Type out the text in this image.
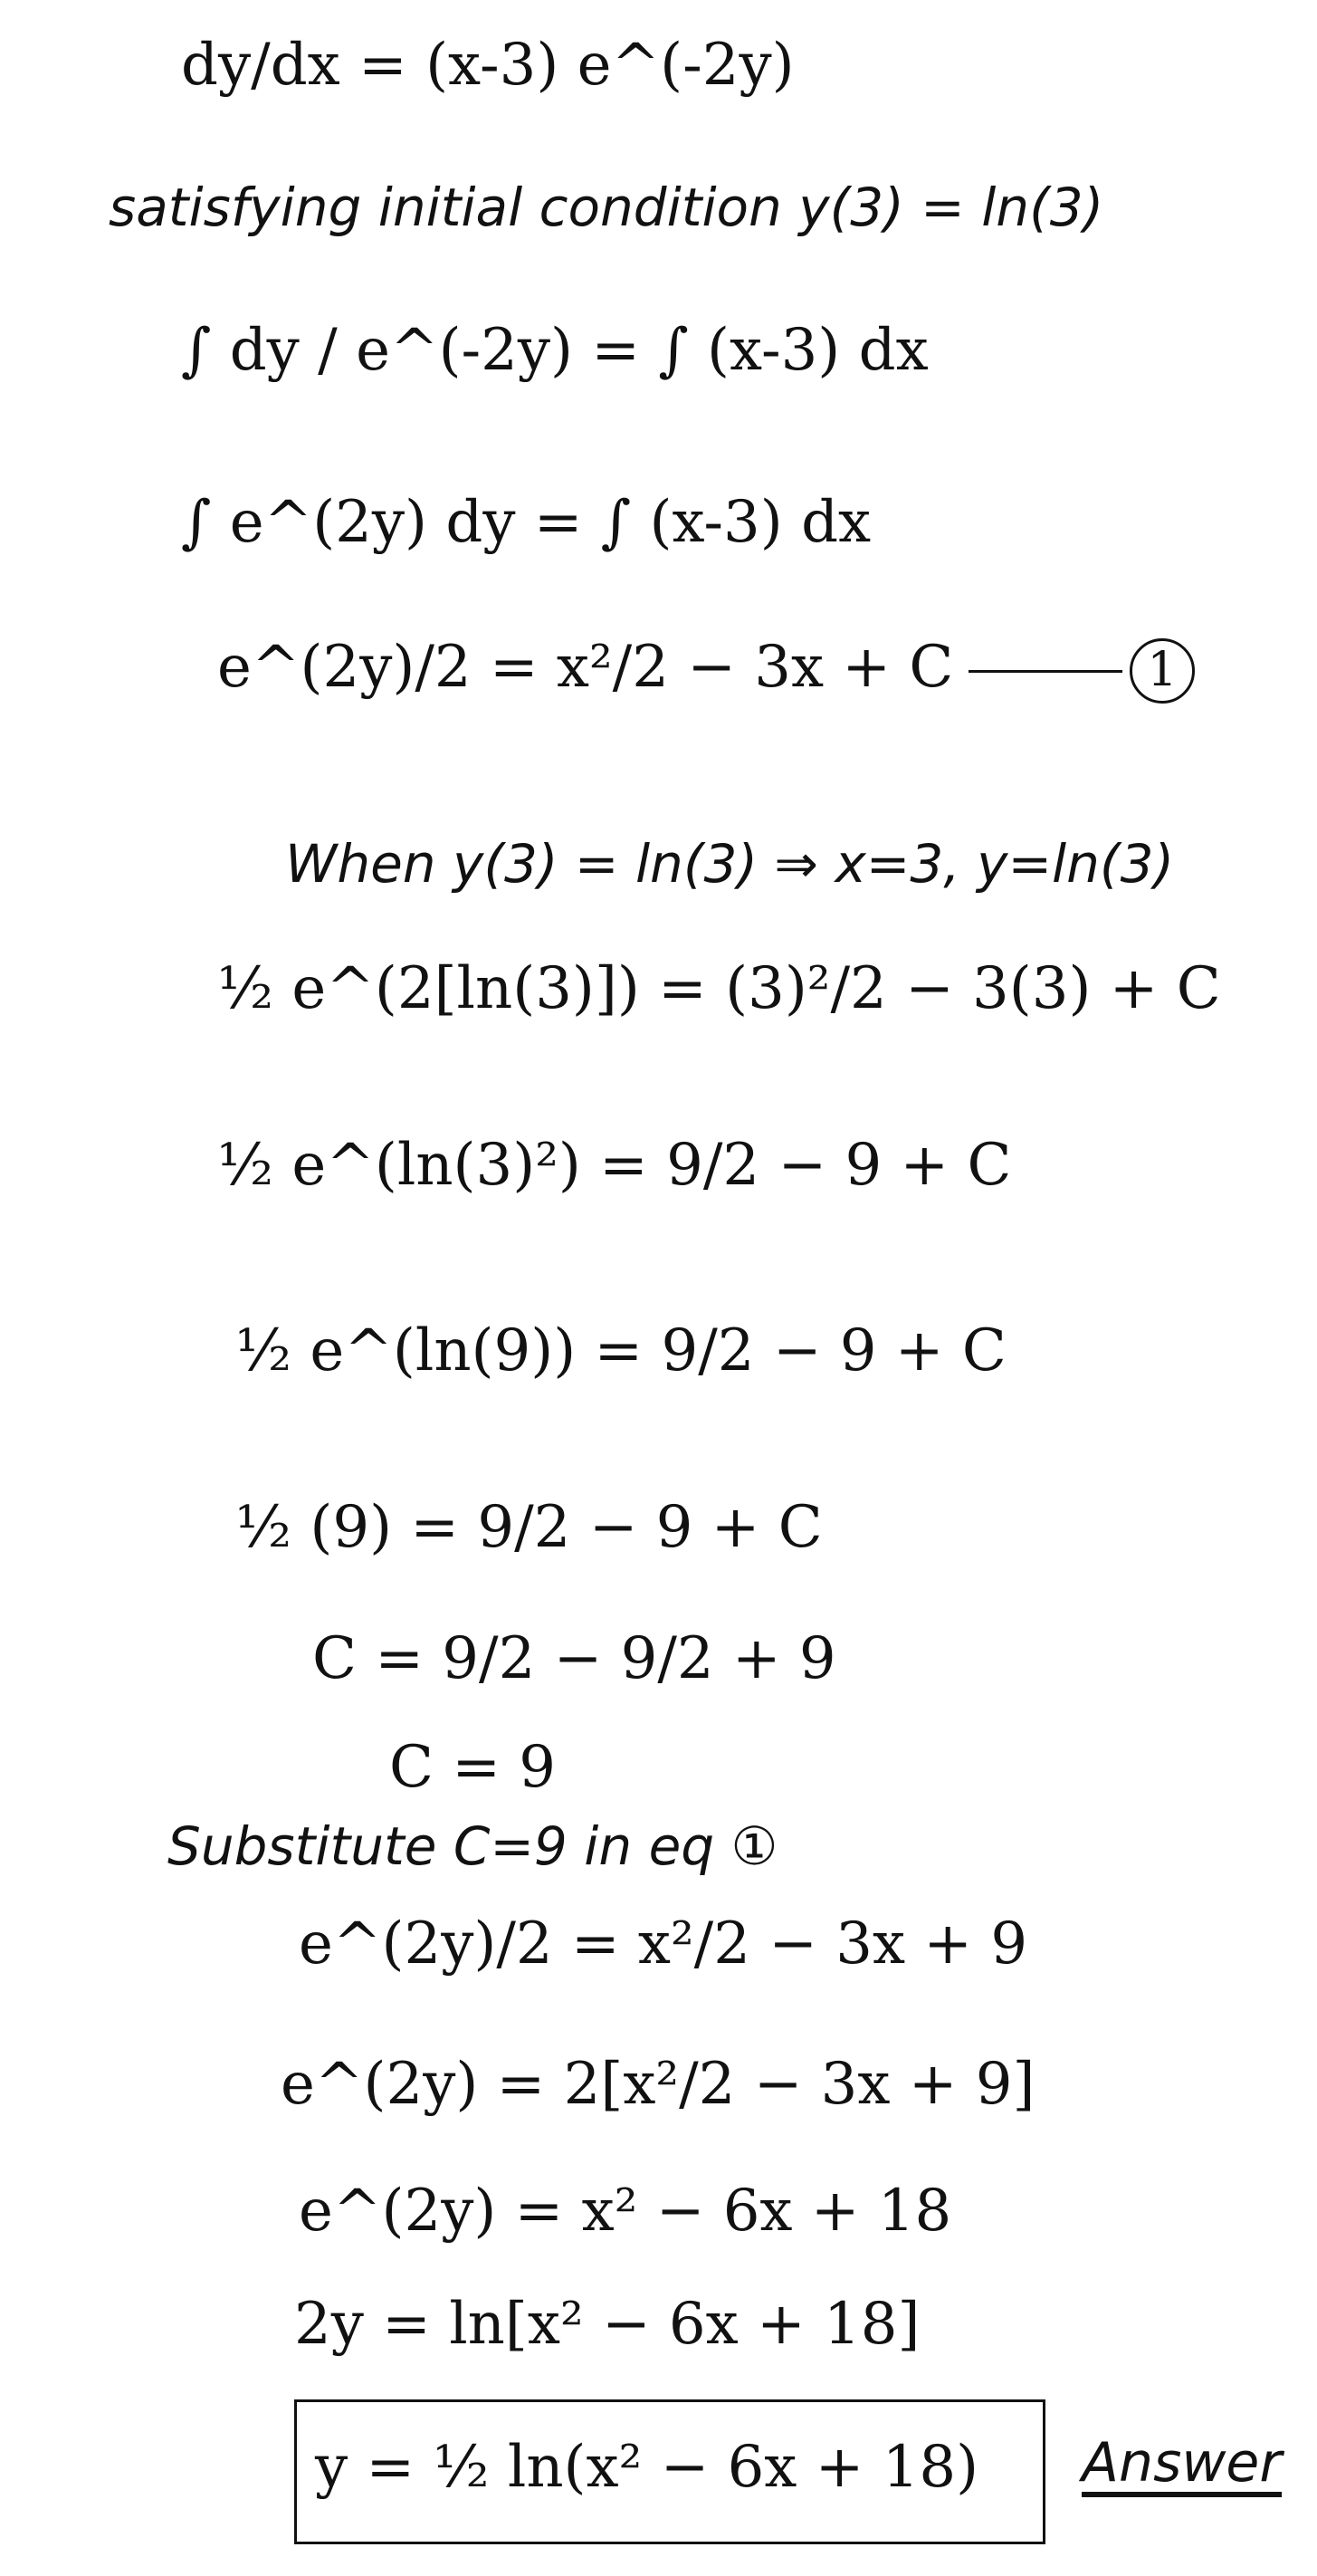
dy/dx = (x-3) e^(-2y)
satisfying initial condition y(3) = ln(3)
∫ dy / e^(-2y) = ∫ (x-3) dx
∫ e^(2y) dy = ∫ (x-3) dx
e^(2y)/2 = x²/2 − 3x + C	1
When y(3) = ln(3) ⇒ x=3, y=ln(3)
½ e^(2[ln(3)]) = (3)²/2 − 3(3) + C
½ e^(ln(3)²) = 9/2 − 9 + C
½ e^(ln(9)) = 9/2 − 9 + C
½ (9) = 9/2 − 9 + C
C = 9/2 − 9/2 + 9
C = 9
Substitute C=9 in eq ①
e^(2y)/2 = x²/2 − 3x + 9
e^(2y) = 2[x²/2 − 3x + 9]
e^(2y) = x² − 6x + 18
2y = ln[x² − 6x + 18]
y = ½ ln(x² − 6x + 18) Answer
